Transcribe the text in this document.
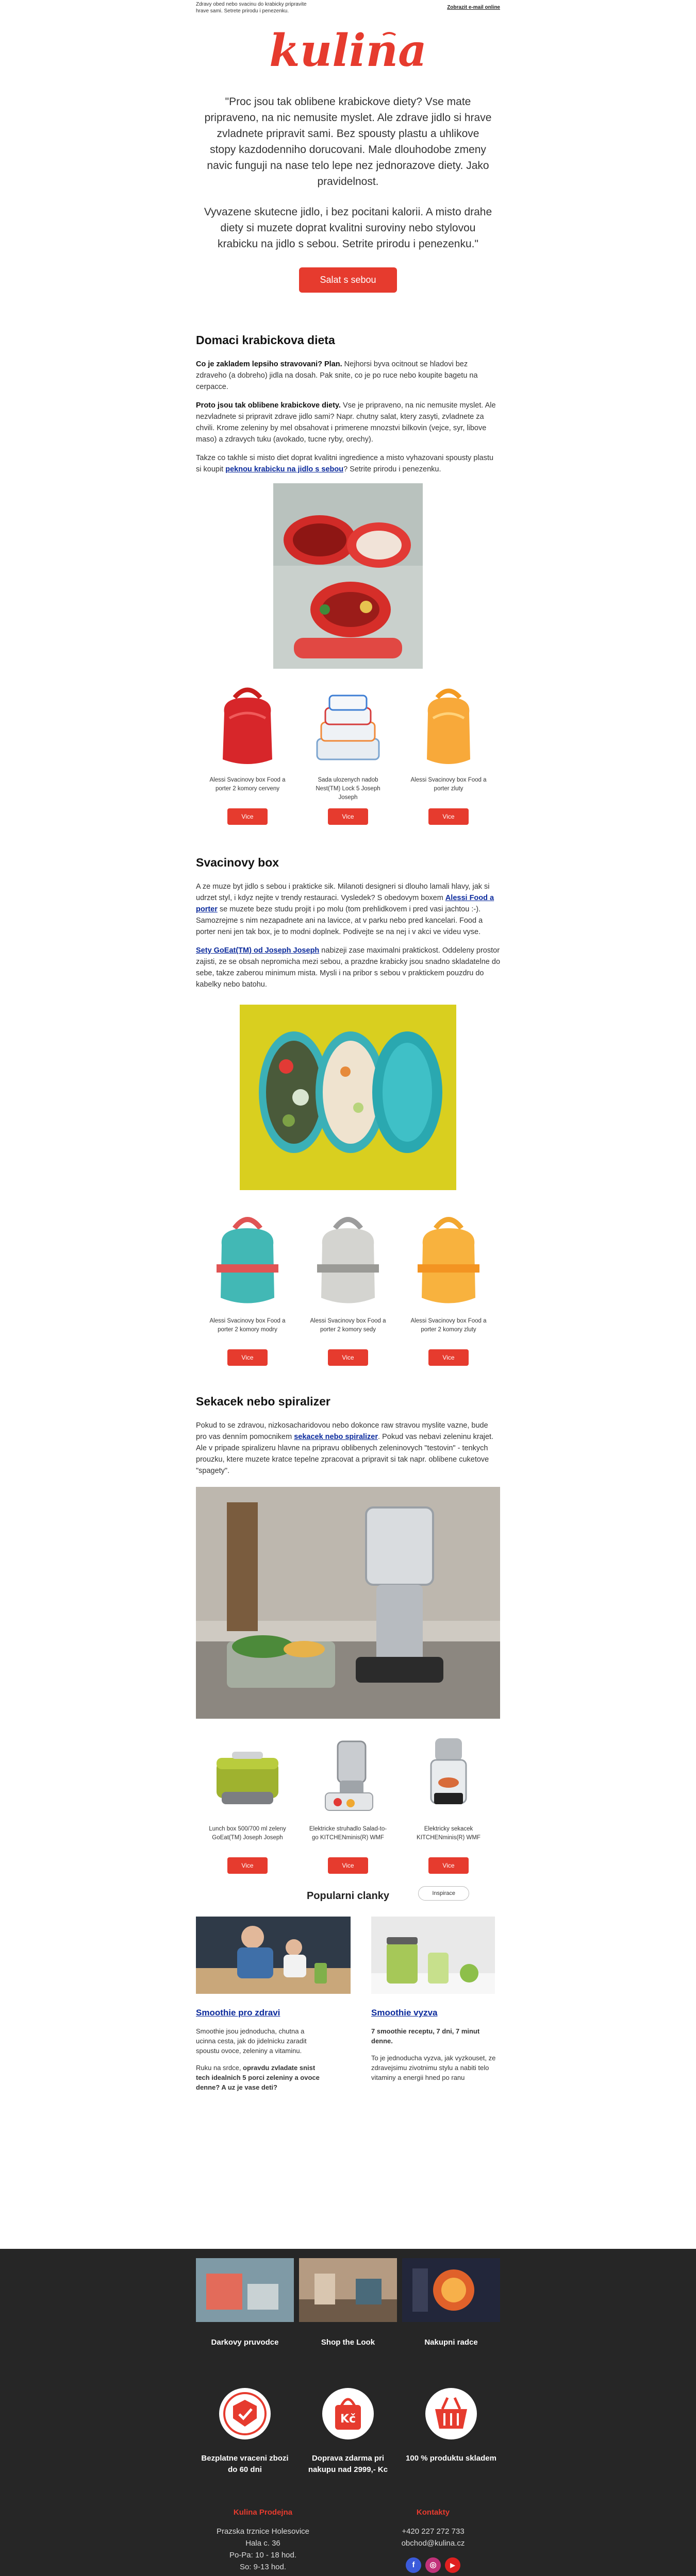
Zdravy obed nebo svacinu do krabicky pripravite hrave sami. Setrete prirodu i penezenku.
Zobrazit e-mail online
kulina

"Proc jsou tak oblibene krabickove diety? Vse mate pripraveno, na nic nemusite myslet. Ale zdrave jidlo si hrave zvladnete pripravit sami. Bez spousty plastu a uhlikove stopy kazdodenniho dorucovani. Male dlouhodobe zmeny navic funguji na nase telo lepe nez jednorazove diety. Jako pravidelnost.

Vyvazene skutecne jidlo, i bez pocitani kalorii. A misto drahe diety si muzete doprat kvalitni suroviny nebo stylovou krabicku na jidlo s sebou. Setrite prirodu i penezenku."

Salat s sebou
Domaci krabickova dieta

Co je zakladem lepsiho stravovani? Plan. Nejhorsi byva ocitnout se hladovi bez zdraveho (a dobreho) jidla na dosah. Pak snite, co je po ruce nebo koupite bagetu na cerpacce.

Proto jsou tak oblibene krabickove diety. Vse je pripraveno, na nic nemusite myslet. Ale nezvladnete si pripravit zdrave jidlo sami? Napr. chutny salat, ktery zasyti, zvladnete za chvili. Krome zeleniny by mel obsahovat i primerene mnozstvi bilkovin (vejce, syr, libove maso) a zdravych tuku (avokado, tucne ryby, orechy).

Takze co takhle si misto diet doprat kvalitni ingredience a misto vyhazovani spousty plastu si koupit peknou krabicku na jidlo s sebou? Setrite prirodu i penezenku.

Alessi Svacinovy box Food a porter 2 komory cerveny
Vice
Sada ulozenych nadob Nest(TM) Lock 5 Joseph Joseph
Vice
Alessi Svacinovy box Food a porter zluty
Vice
Svacinovy box

A ze muze byt jidlo s sebou i prakticke sik. Milanoti designeri si dlouho lamali hlavy, jak si udrzet styl, i kdyz nejite v trendy restauraci. Vysledek? S obedovym boxem Alessi Food a porter se muzete beze studu projit i po molu (tom prehlidkovem i pred vasi jachtou :-). Samozrejme s nim nezapadnete ani na lavicce, at v parku nebo pred kancelari. Food a porter neni jen tak box, je to modni doplnek. Podivejte se na nej i v akci ve videu vyse.

Sety GoEat(TM) od Joseph Joseph nabizeji zase maximalni praktickost. Oddeleny prostor zajisti, ze se obsah nepromicha mezi sebou, a prazdne krabicky jsou snadno skladatelne do sebe, takze zaberou minimum mista. Mysli i na pribor s sebou v praktickem pouzdru do kabelky nebo batohu.

Alessi Svacinovy box Food a porter 2 komory modry
Vice
Alessi Svacinovy box Food a porter 2 komory sedy
Vice
Alessi Svacinovy box Food a porter 2 komory zluty
Vice
Sekacek nebo spiralizer

Pokud to se zdravou, nizkosacharidovou nebo dokonce raw stravou myslite vazne, bude pro vas denním pomocnikem sekacek nebo spiralizer. Pokud vas nebavi zeleninu krajet. Ale v pripade spiralizeru hlavne na pripravu oblibenych zeleninovych "testovin" - tenkych prouzku, ktere muzete kratce tepelne zpracovat a pripravit si tak napr. oblibene cuketove "spagety".

Lunch box 500/700 ml zeleny GoEat(TM) Joseph Joseph
Vice
Elektricke struhadlo Salad-to-go KITCHENminis(R) WMF
Vice
Elektricky sekacek KITCHENminis(R) WMF
Vice
Popularni clanky	Inspirace
Smoothie pro zdravi

Smoothie jsou jednoducha, chutna a ucinna cesta, jak do jidelnicku zaradit spoustu ovoce, zeleniny a vitaminu.

Ruku na srdce, opravdu zvladate snist tech idealnich 5 porci zeleniny a ovoce denne? A uz je vase deti?

Smoothie vyzva

7 smoothie receptu, 7 dni, 7 minut denne.

To je jednoducha vyzva, jak vyzkouset, ze zdravejsimu zivotnimu stylu a nabiti telo vitaminy a energii hned po ranu

Darkovy pruvodce	Shop the Look	Nakupni radce
Bezplatne vraceni zbozi do 60 dni
Kč
Doprava zdarma pri nakupu nad 2999,- Kc
100 % produktu skladem
Kulina Prodejna
Prazska trznice Holesovice
Hala c. 36
Po-Pa: 10 - 18 hod.
So: 9-13 hod.
Kontakty
+420 227 272 733
obchod@kulina.cz
f	◎	▶
